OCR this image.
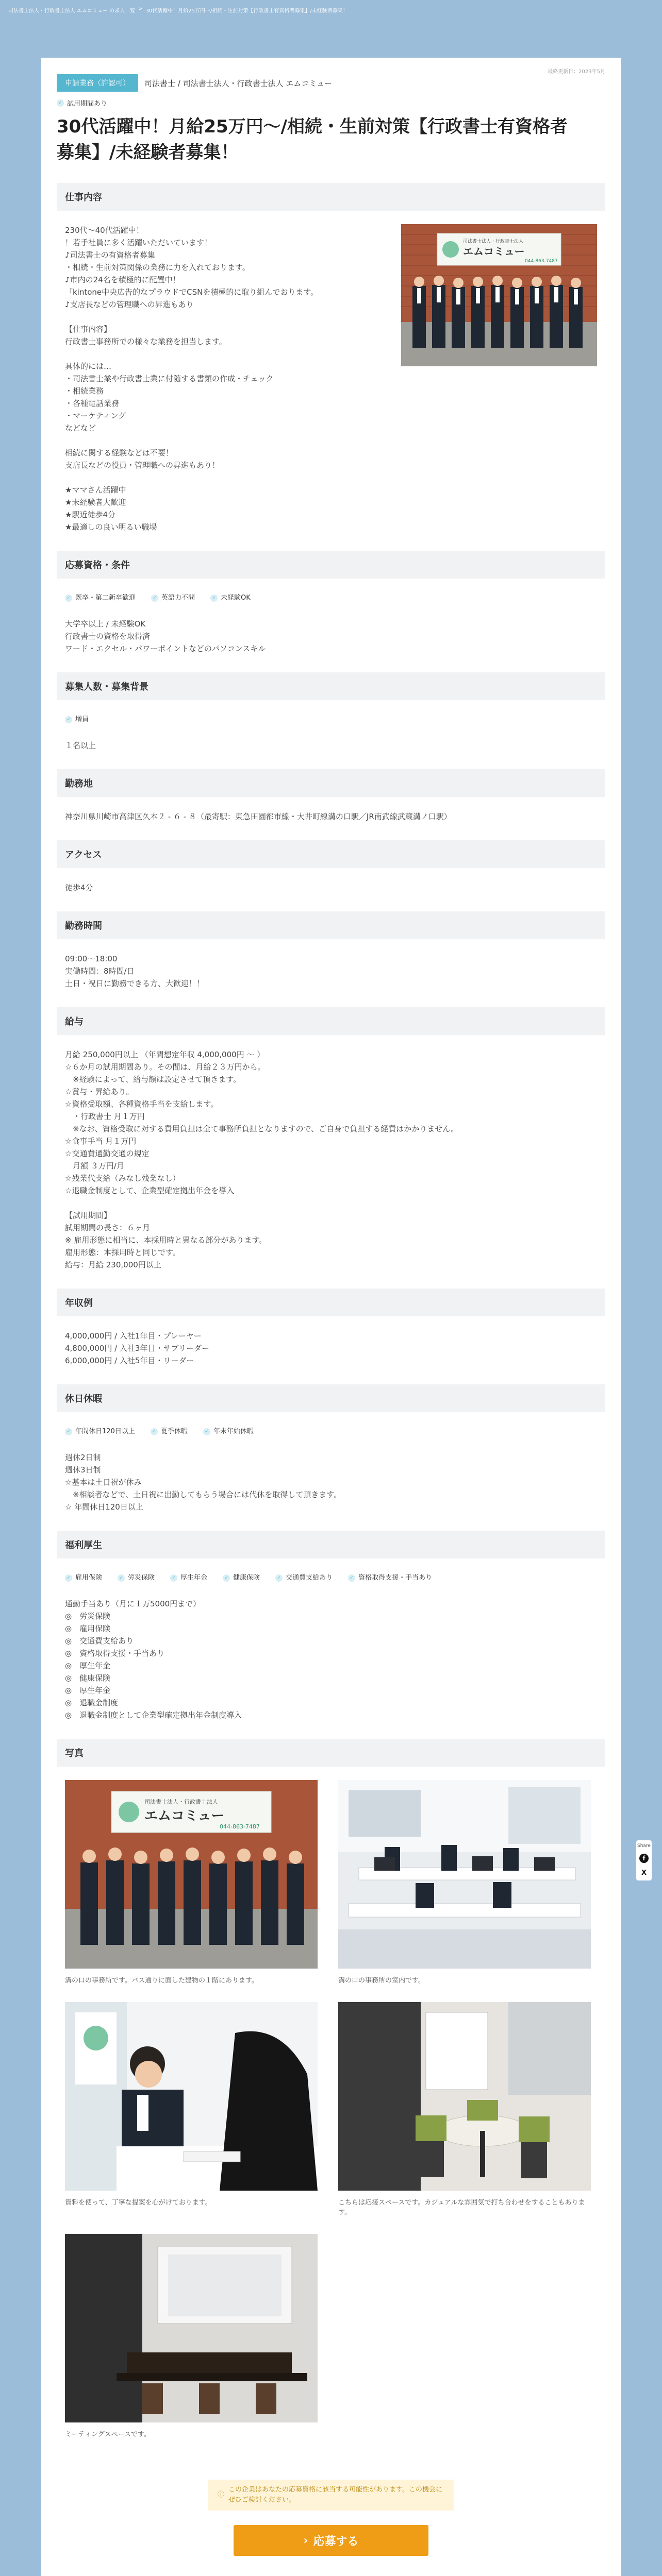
司法書士法人・行政書士法人 エムコミュー の求人一覧 > 30代活躍中！月給25万円〜/相続・生前対策【行政書士有資格者募集】/未経験者募集！
最終更新日：2023年5月
申請業務（許認可）	司法書士 / 司法書士法人・行政書士法人 エムコミュー
✓ 試用期間あり
30代活躍中！月給25万円〜/相続・生前対策【行政書士有資格者募集】/未経験者募集！
仕事内容
230代〜40代活躍中！
！若手社員に多く活躍いただいています！
♪司法書士の有資格者募集
・相続・生前対策関係の業務に力を入れております。
♪市内の24名を積極的に配置中！
「kintone中央広告的なプラウドでCSNを積極的に取り組んでおります。
♪支店長などの管理職への昇進もあり
【仕事内容】
行政書士事務所での様々な業務を担当します。
具体的には…
・司法書士業や行政書士業に付随する書類の作成・チェック
・相続業務
・各種電話業務
・マーケティング
などなど
相続に関する経験などは不要！
支店長などの役員・管理職への昇進もあり！
★ママさん活躍中
★未経験者大歓迎
★駅近徒歩4分
★最適しの良い明るい職場
司法書士法人・行政書士法人
エムコミュー
044-863-7487
応募資格・条件
✓ 既卒・第二新卒歓迎	✓ 英語力不問	✓ 未経験OK
大学卒以上 / 未経験OK
行政書士の資格を取得済
ワード・エクセル・パワーポイントなどのパソコンスキル
募集人数・募集背景
✓ 増員
１名以上
勤務地
神奈川県川崎市高津区久本２ - ６ - ８（最寄駅：東急田園都市線・大井町線溝の口駅／JR南武線武蔵溝ノ口駅）
アクセス
徒歩4分
勤務時間
09:00〜18:00
実働時間：8時間/日
土日・祝日に勤務できる方、大歓迎！！
給与
月給 250,000円以上 （年間想定年収 4,000,000円 〜 ）
☆６か月の試用期間あり。その間は、月給２３万円から。
　※経験によって、給与額は設定させて頂きます。
☆賞与・昇給あり。
☆資格受取額、各種資格手当を支給します。
　・行政書士 月１万円
　※なお、資格受取に対する費用負担は全て事務所負担となりますので、ご自身で負担する経費はかかりません。
☆食事手当 月１万円
☆交通費通勤交通の規定
　月額 ３万円/月
☆残業代支給（みなし残業なし）
☆退職金制度として、企業型確定拠出年金を導入
【試用期間】
試用期間の長さ：６ヶ月
※ 雇用形態に相当に、本採用時と異なる部分があります。
雇用形態：本採用時と同じです。
給与：月給 230,000円以上
年収例
4,000,000円 / 入社1年目・プレーヤー
4,800,000円 / 入社3年目・サブリーダー
6,000,000円 / 入社5年目・リーダー
休日休暇
✓ 年間休日120日以上	✓ 夏季休暇	✓ 年末年始休暇
週休2日制
週休3日制
☆基本は土日祝が休み
　※相談者などで、土日祝に出勤してもらう場合には代休を取得して頂きます。
☆ 年間休日120日以上
福利厚生
✓ 雇用保険	✓ 労災保険	✓ 厚生年金	✓ 健康保険	✓ 交通費支給あり	✓ 資格取得支援・手当あり
通勤手当あり（月に１万5000円まで）
◎　労災保険
◎　雇用保険
◎　交通費支給あり
◎　資格取得支援・手当あり
◎　厚生年金
◎　健康保険
◎　厚生年金
◎　退職金制度
◎　退職金制度として企業型確定拠出年金制度導入
写真
司法書士法人・行政書士法人
エムコミュー
044-863-7487
溝の口の事務所です。バス通りに面した建物の１階にあります。	溝の口の事務所の室内です。
資料を使って、丁寧な提案を心がけております。	こちらは応接スペースです。カジュアルな雰囲気で打ち合わせをすることもあります。
ミーティングスペースです。
ⓘ
この企業はあなたの応募資格に該当する可能性があります。この機会にぜひご検討ください。
› 応募する
Share
f
X
